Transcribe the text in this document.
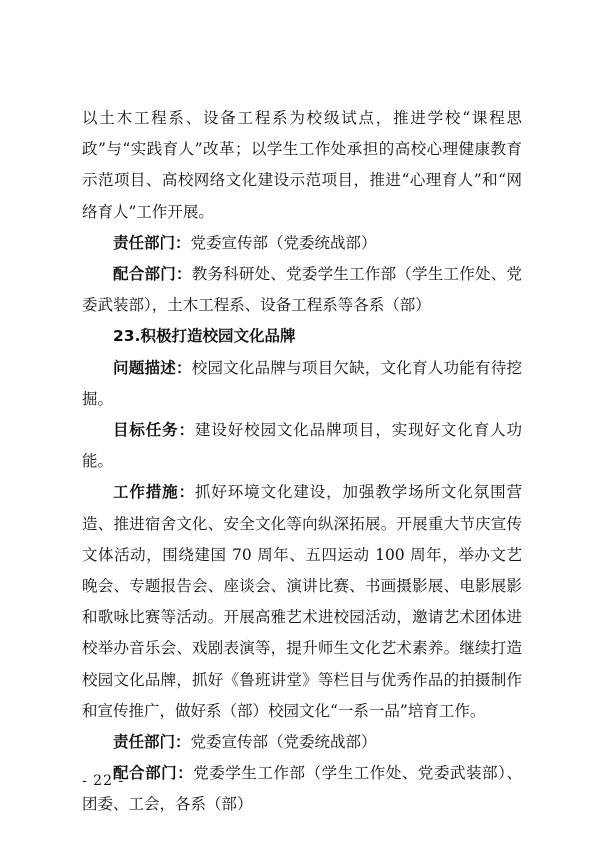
以土木工程系、设备工程系为校级试点，推进学校“课程思政”与“实践育人”改革；以学生工作处承担的高校心理健康教育示范项目、高校网络文化建设示范项目，推进“心理育人”和“网络育人”工作开展。

责任部门：党委宣传部（党委统战部）

配合部门：教务科研处、党委学生工作部（学生工作处、党委武装部），土木工程系、设备工程系等各系（部）

23.积极打造校园文化品牌

问题描述：校园文化品牌与项目欠缺，文化育人功能有待挖掘。

目标任务：建设好校园文化品牌项目，实现好文化育人功能。

工作措施：抓好环境文化建设，加强教学场所文化氛围营造、推进宿舍文化、安全文化等向纵深拓展。开展重大节庆宣传文体活动，围绕建国 70 周年、五四运动 100 周年，举办文艺晚会、专题报告会、座谈会、演讲比赛、书画摄影展、电影展影和歌咏比赛等活动。开展高雅艺术进校园活动，邀请艺术团体进校举办音乐会、戏剧表演等，提升师生文化艺术素养。继续打造校园文化品牌，抓好《鲁班讲堂》等栏目与优秀作品的拍摄制作和宣传推广，做好系（部）校园文化“一系一品”培育工作。

责任部门：党委宣传部（党委统战部）

配合部门：党委学生工作部（学生工作处、党委武装部）、团委、工会，各系（部）

- 22 -
